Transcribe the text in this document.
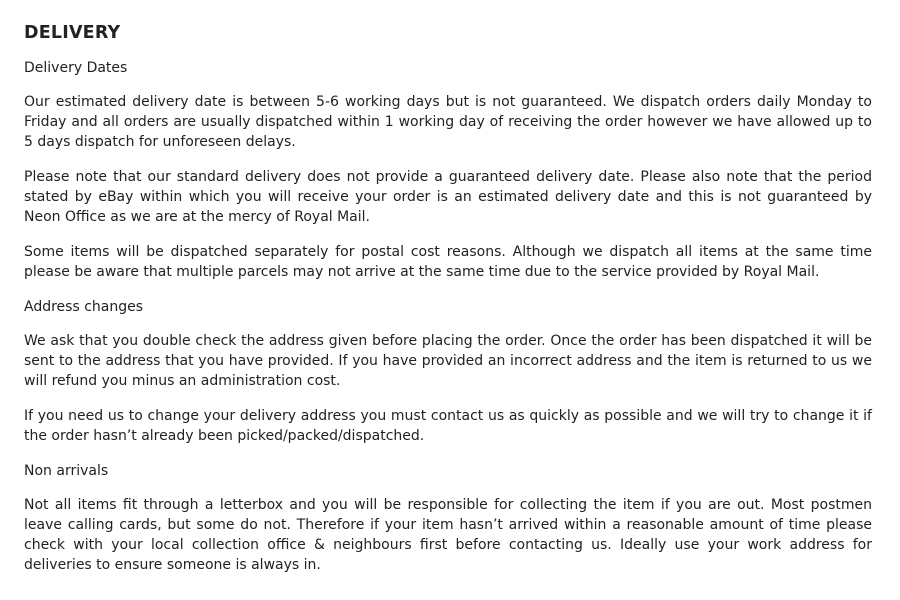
DELIVERY
Delivery Dates

Our estimated delivery date is between 5-6 working days but is not guaranteed. We dispatch orders daily Monday to Friday and all orders are usually dispatched within 1 working day of receiving the order however we have allowed up to 5 days dispatch for unforeseen delays.

Please note that our standard delivery does not provide a guaranteed delivery date. Please also note that the period stated by eBay within which you will receive your order is an estimated delivery date and this is not guaranteed by Neon Office as we are at the mercy of Royal Mail.

Some items will be dispatched separately for postal cost reasons. Although we dispatch all items at the same time please be aware that multiple parcels may not arrive at the same time due to the service provided by Royal Mail.

Address changes

We ask that you double check the address given before placing the order. Once the order has been dispatched it will be sent to the address that you have provided. If you have provided an incorrect address and the item is returned to us we will refund you minus an administration cost.

If you need us to change your delivery address you must contact us as quickly as possible and we will try to change it if the order hasn’t already been picked/packed/dispatched.

Non arrivals

Not all items fit through a letterbox and you will be responsible for collecting the item if you are out. Most postmen leave calling cards, but some do not. Therefore if your item hasn’t arrived within a reasonable amount of time please check with your local collection office & neighbours first before contacting us. Ideally use your work address for deliveries to ensure someone is always in.
